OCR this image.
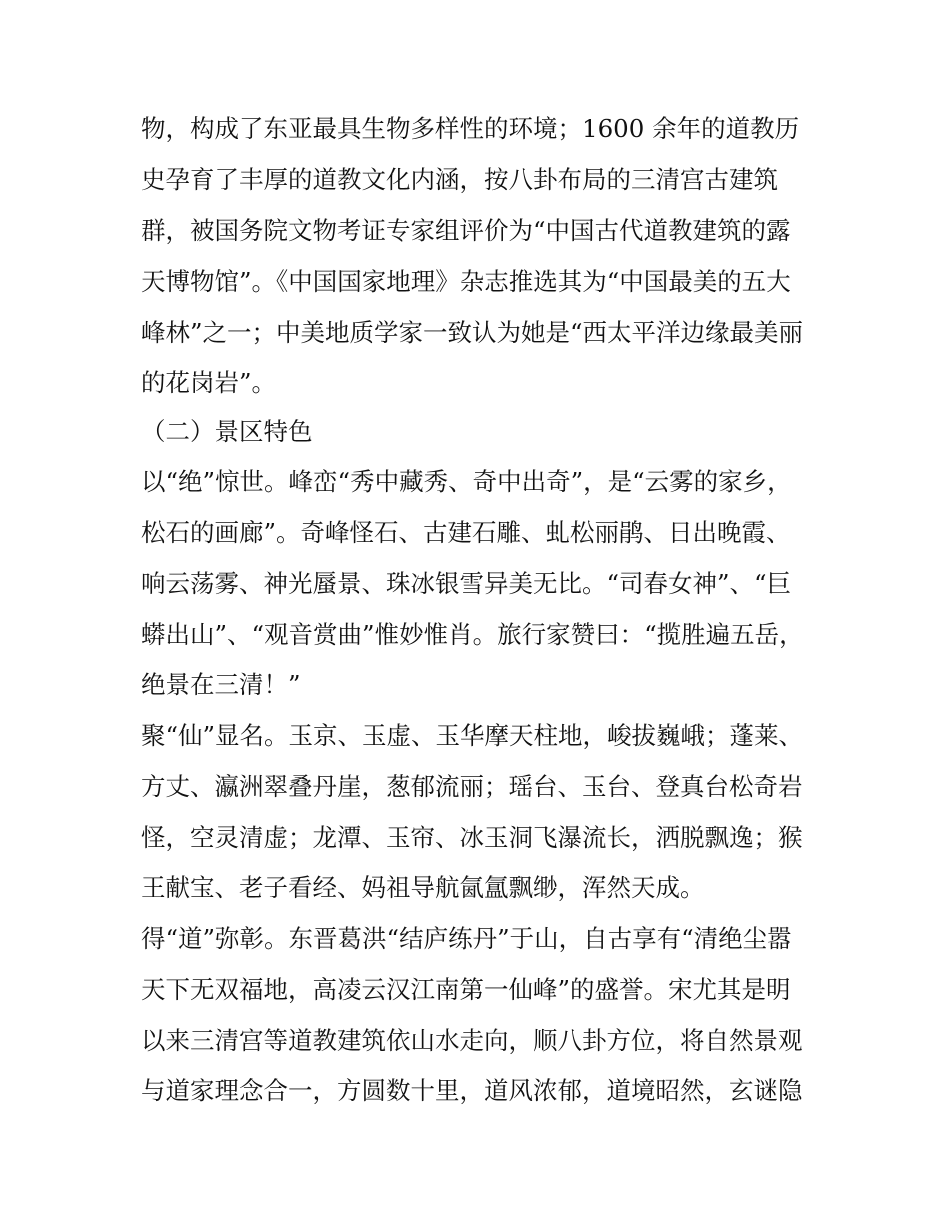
物，构成了东亚最具生物多样性的环境；1600 余年的道教历
史孕育了丰厚的道教文化内涵，按八卦布局的三清宫古建筑
群，被国务院文物考证专家组评价为“中国古代道教建筑的露
天博物馆”。《中国国家地理》杂志推选其为“中国最美的五大
峰林”之一；中美地质学家一致认为她是“西太平洋边缘最美丽
的花岗岩”。
（二）景区特色
以“绝”惊世。峰峦“秀中藏秀、奇中出奇”，是“云雾的家乡，
松石的画廊”。奇峰怪石、古建石雕、虬松丽鹃、日出晚霞、
响云荡雾、神光蜃景、珠冰银雪异美无比。“司春女神”、“巨
蟒出山”、“观音赏曲”惟妙惟肖。旅行家赞曰：“揽胜遍五岳，
绝景在三清！”
聚“仙”显名。玉京、玉虚、玉华摩天柱地，峻拔巍峨；蓬莱、
方丈、瀛洲翠叠丹崖，葱郁流丽；瑶台、玉台、登真台松奇岩
怪，空灵清虚；龙潭、玉帘、冰玉洞飞瀑流长，洒脱飘逸；猴
王献宝、老子看经、妈祖导航氤氲飘缈，浑然天成。
得“道”弥彰。东晋葛洪“结庐练丹”于山，自古享有“清绝尘嚣
天下无双福地，高凌云汉江南第一仙峰”的盛誉。宋尤其是明
以来三清宫等道教建筑依山水走向，顺八卦方位，将自然景观
与道家理念合一，方圆数十里，道风浓郁，道境昭然，玄谜隐
